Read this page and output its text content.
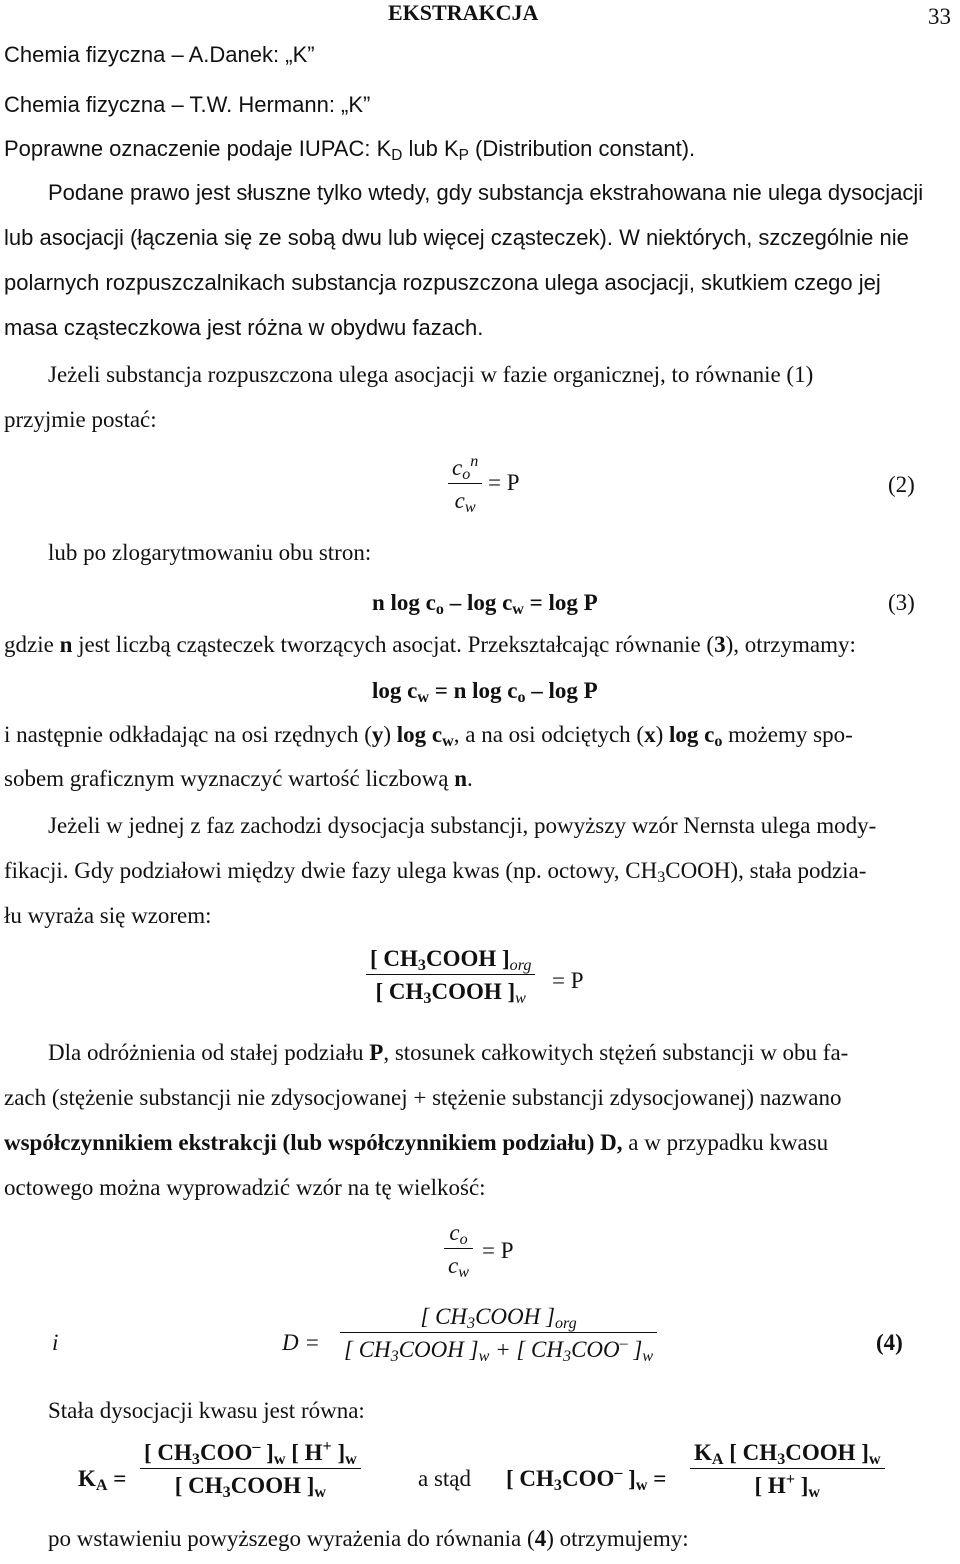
EKSTRAKCJA	33
Chemia fizyczna – A.Danek: „K”
Chemia fizyczna – T.W. Hermann: „K”
Poprawne oznaczenie podaje IUPAC: $K_D$ lub $K_P$ (Distribution constant).
Podane prawo jest słuszne tylko wtedy, gdy substancja ekstrahowana nie ulega dysocjacji
lub asocjacji (łączenia się ze sobą dwu lub więcej cząsteczek). W niektórych, szczególnie nie
polarnych rozpuszczalnikach substancja rozpuszczona ulega asocjacji, skutkiem czego jej
masa cząsteczkowa jest różna w obydwu fazach.
Jeżeli substancja rozpuszczona ulega asocjacji w fazie organicznej, to równanie (1)
przyjmie postać:
$c_o^n$
$c_w$
= P	(2)
lub po zlogarytmowaniu obu stron:
n $\log c_o - \log c_w = \log P$	(3)
gdzie n jest liczbą cząsteczek tworzących asocjat. Przekształcając równanie (3), otrzymamy:
$\log c_w = n$ $\log c_o$ – log P
i następnie odkładając na osi rzędnych (y) $\log c_w$, a na osi odciętych (x) $\log c_o$ możemy spo-
sobem graficznym wyznaczyć wartość liczbową n.
Jeżeli w jednej z faz zachodzi dysocjacja substancji, powyższy wzór Nernsta ulega mody-
fikacji. Gdy podziałowi między dwie fazy ulega kwas (np. octowy, $CH_3COOH$), stała podzia-
łu wyraża się wzorem:
[ $CH_3COOH$ ]$_{org}$
[ $CH_3COOH$ ]$_w$
= P
Dla odróżnienia od stałej podziału P, stosunek całkowitych stężeń substancji w obu fa-
zach (stężenie substancji nie zdysocjowanej + stężenie substancji zdysocjowanej) nazwano
współczynnikiem ekstrakcji (lub współczynnikiem podziału) D, a w przypadku kwasu
octowego można wyprowadzić wzór na tę wielkość:
$c_o$
$c_w$
= P
i	D =
[ $CH_3COOH$ ]$_{org}$
[ $CH_3COOH$ ]$_w$ + [ $CH_3COO^-$ ]$_w$
(4)
Stała dysocjacji kwasu jest równa:
$K_A$ =
[ $CH_3COO^-$ ]$_w$ [ H+ ]$_w$
[ $CH_3COOH$ ]$_w$
a stąd [ $CH_3COO^-$ ]$_w$ =
$K_A$ [ $CH_3COOH$ ]$_w$
[ H+ ]$_w$
po wstawieniu powyższego wyrażenia do równania (4) otrzymujemy:
